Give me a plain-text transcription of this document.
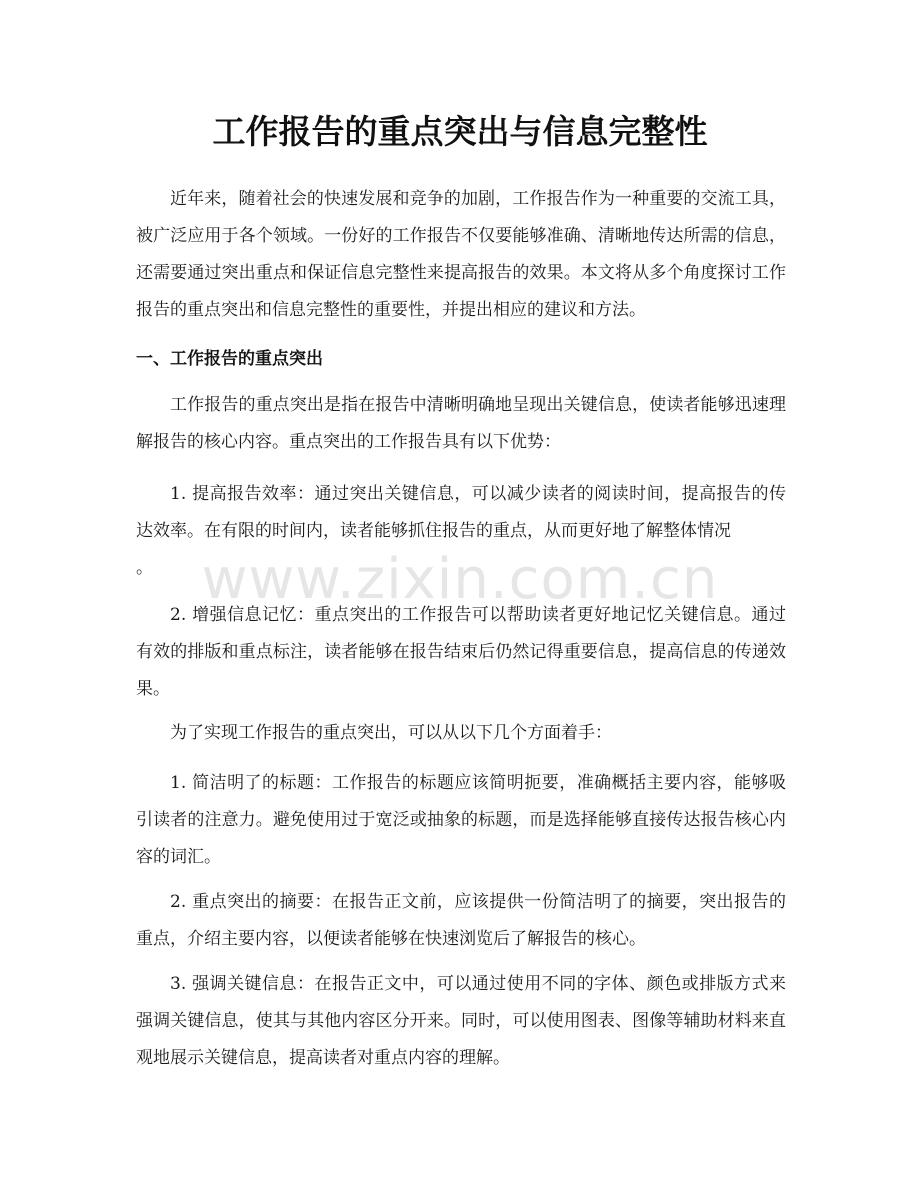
工作报告的重点突出与信息完整性

近年来，随着社会的快速发展和竞争的加剧，工作报告作为一种重要的交流工具，被广泛应用于各个领域。一份好的工作报告不仅要能够准确、清晰地传达所需的信息，还需要通过突出重点和保证信息完整性来提高报告的效果。本文将从多个角度探讨工作报告的重点突出和信息完整性的重要性，并提出相应的建议和方法。

一、工作报告的重点突出

工作报告的重点突出是指在报告中清晰明确地呈现出关键信息，使读者能够迅速理解报告的核心内容。重点突出的工作报告具有以下优势：

1. 提高报告效率：通过突出关键信息，可以减少读者的阅读时间，提高报告的传达效率。在有限的时间内，读者能够抓住报告的重点，从而更好地了解整体情况

。

2. 增强信息记忆：重点突出的工作报告可以帮助读者更好地记忆关键信息。通过有效的排版和重点标注，读者能够在报告结束后仍然记得重要信息，提高信息的传递效果。

为了实现工作报告的重点突出，可以从以下几个方面着手：

1. 简洁明了的标题：工作报告的标题应该简明扼要，准确概括主要内容，能够吸引读者的注意力。避免使用过于宽泛或抽象的标题，而是选择能够直接传达报告核心内容的词汇。

2. 重点突出的摘要：在报告正文前，应该提供一份简洁明了的摘要，突出报告的重点，介绍主要内容，以便读者能够在快速浏览后了解报告的核心。

3. 强调关键信息：在报告正文中，可以通过使用不同的字体、颜色或排版方式来强调关键信息，使其与其他内容区分开来。同时，可以使用图表、图像等辅助材料来直观地展示关键信息，提高读者对重点内容的理解。

www.zixin.com.cn
